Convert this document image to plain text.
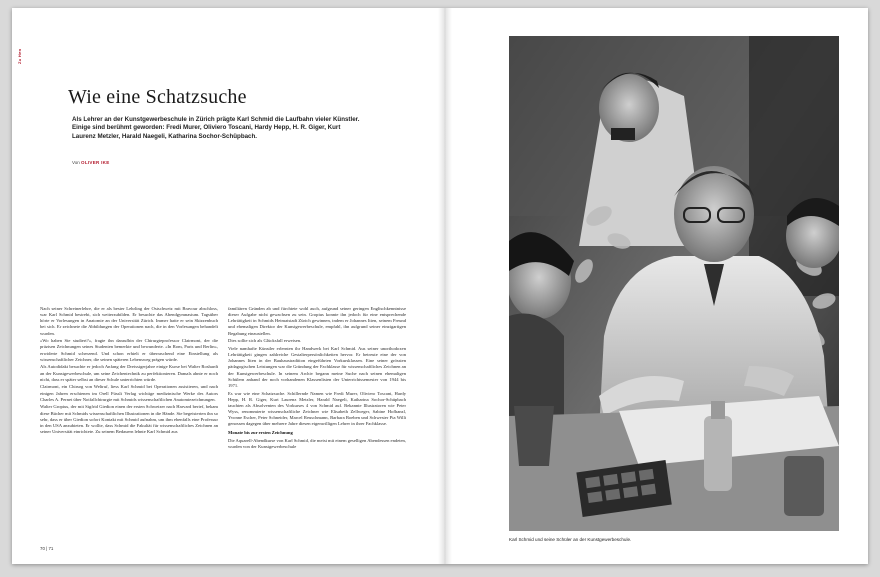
Zu Hen
Wie eine Schatzsuche
Als Lehrer an der Kunstgewerbeschule in Zürich prägte Karl Schmid die Laufbahn vieler Künstler. Einige sind berühmt geworden: Fredi Murer, Oliviero Toscani, Hardy Hepp, H. R. Giger, Kurt Laurenz Metzler, Harald Naegeli, Katharina Sochor-Schüpbach.
Von OLIVER IKE

Nach seiner Schreinerlehre, die er als bester Lehrling der Ostschweiz mit Bravour abschloss, war Karl Schmid bestrebt, sich weiterzubilden. Er besuchte das Abendgymnasium. Tagsüber hörte er Vorlesungen in Anatomie an der Universität Zürich. Immer hatte er sein Skizzenbuch bei sich. Er zeichnete die Abbildungen der Operationen nach, die in den Vorlesungen behandelt wurden.

«Wo haben Sie studiert?», fragte ihn daraufhin der Chirurgieprofessor Clairmont, der die präzisen Zeichnungen seines Studenten bemerkte und bewunderte. «In Rom, Paris und Berlin», erwiderte Schmid scherzend. Und schon erhielt er überraschend eine Einstellung als wissenschaftlicher Zeichner, die seinen späteren Lebensweg prägen würde.

Als Autodidakt besuchte er jedoch Anfang der Dreissigerjahre einige Kurse bei Walter Roshardt an der Kunstgewerbeschule, um seine Zeichentechnik zu perfektionieren. Damals ahnte er noch nicht, dass er später selbst an dieser Schule unterrichten würde.

Clairmont, ein Chirurg von Weltruf, liess Karl Schmid bei Operationen assistieren, und nach einigen Jahren erschienen im Orell Füssli Verlag wichtige medizinische Werke des Autors Charles A. Pernet über Notfallchirurgie mit Schmids wissenschaftlichen Anatomiezeichnungen.

Walter Gropius, der mit Sigfrid Giedion einen der ersten Schweizer nach Harvard berief, bekam diese Bücher mit Schmids wissenschaftlichen Illustrationen in die Hände. Sie begeisterten ihn so sehr, dass er über Giedion sofort Kontakt mit Schmid aufnahm, um ihm ebenfalls eine Professur in den USA anzubieten. Er wollte, dass Schmid die Fakultät für wissenschaftliches Zeichnen an seiner Universität einrichtete. Zu seinem Bedauern lehnte Karl Schmid aus

familiären Gründen ab und fürchtete wohl auch, aufgrund seiner geringen Englischkenntnisse dieser Aufgabe nicht gewachsen zu sein. Gropius konnte ihn jedoch für eine entsprechende Lehrtätigkeit in Schmids Heimatstadt Zürich gewinnen, indem er Johannes Itten, seinem Freund und ehemaligen Direktor der Kunstgewerbeschule, empfahl, ihn aufgrund seiner einzigartigen Begabung einzustellen.

Dies sollte sich als Glücksfall erweisen.

Viele namhafte Künstler erlernten ihr Handwerk bei Karl Schmid. Aus seiner unorthodoxen Lehrtätigkeit gingen zahlreiche Gestalterpersönlichkeiten hervor. Er betreute eine der von Johannes Itten in der Bauhaustradition eingeführten Vorkursklassen. Eine seiner grössten pädagogischen Leistungen war die Gründung der Fachklasse für wissenschaftliches Zeichnen an der Kunstgewerbeschule. In seinem Archiv begann meine Suche nach seinen ehemaligen Schülern anhand der noch vorhandenen Klassenlisten der Unterrichtssemester von 1944 bis 1971.

Es war wie eine Schatzsuche. Schillernde Namen wie Fredi Murer, Oliviero Toscani, Hardy Hepp, H. R. Giger, Kurt Laurenz Metzler, Harald Naegeli, Katharina Sochor-Schüpbach tauchten als Absolventen des Vorkurses 4 von Schmid auf. Bekannte Illustratoren wie Peter Wyss, renommierte wissenschaftliche Zeichner wie Elisabeth Zellweger, Sabine Hofhanzl, Yvonne Escher, Peter Schneider, Marcel Reuschmann, Barbara Boeben und Schwester Pia Willi genossen dagegen über mehrere Jahre diesen eigenwilligen Lehrer in ihrer Fachklasse.

Monate bis zur ersten Zeichnung

Die Aquarell-Abendkurse von Karl Schmid, die meist mit einem geselligen Abendessen endeten, wurden von der Kunstgewerbeschule

70 | 71
Karl Schmid und seine Schüler an der Kunstgewerbeschule.
